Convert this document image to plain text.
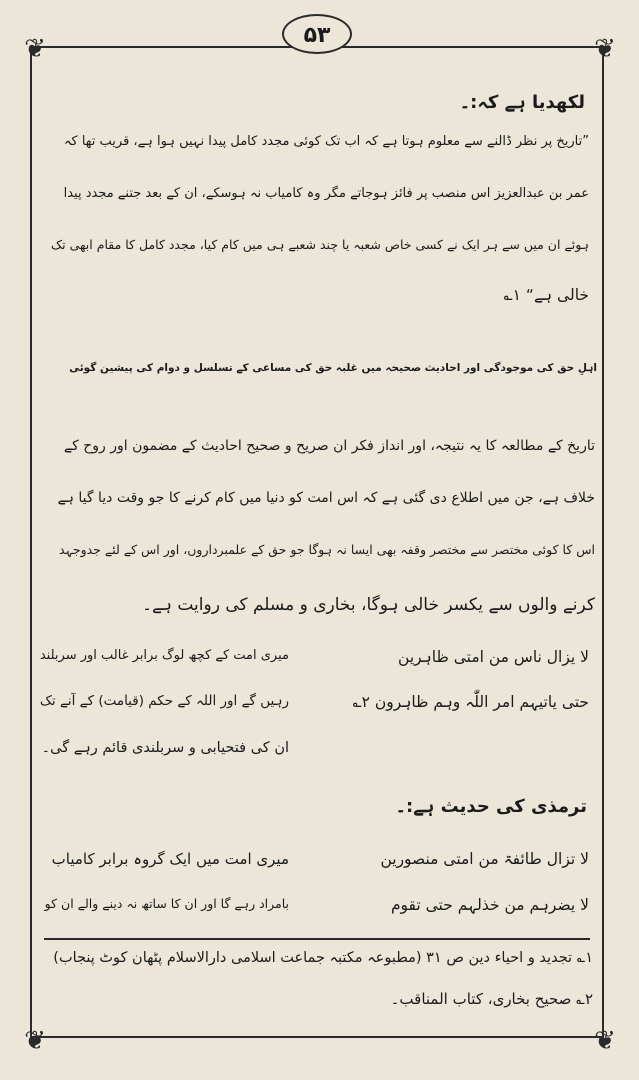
❦	❦
❦	❦
۵۳
لکھدیا ہے کہ:۔
”تاریخ پر نظر ڈالنے سے معلوم ہوتا ہے کہ اب تک کوئی مجدد کامل پیدا نہیں ہوا ہے، قریب تھا کہ
عمر بن عبدالعزیز اس منصب پر فائز ہوجاتے مگر وہ کامیاب نہ ہوسکے، ان کے بعد جتنے مجدد پیدا
ہوئے ان میں سے ہر ایک نے کسی خاص شعبہ یا چند شعبے ہی میں کام کیا، مجدد کامل کا مقام ابھی تک
خالی ہے“ ۱؎
اہلِ حق کی موجودگی اور احادیث صحیحہ میں غلبہ حق کی مساعی کے تسلسل و دوام کی پیشین گوئی
تاریخ کے مطالعہ کا یہ نتیجہ، اور انداز فکر ان صریح و صحیح احادیث کے مضمون اور روح کے
خلاف ہے، جن میں اطلاع دی گئی ہے کہ اس امت کو دنیا میں کام کرنے کا جو وقت دیا گیا ہے
اس کا کوئی مختصر سے مختصر وقفہ بھی ایسا نہ ہوگا جو حق کے علمبرداروں، اور اس کے لئے جدوجہد
کرنے والوں سے یکسر خالی ہوگا، بخاری و مسلم کی روایت ہے۔
لا یزال ناس من امتی ظاہرین
حتی یاتیہم امر اللّٰہ وہم ظاہرون ۲؎
میری امت کے کچھ لوگ برابر غالب اور سربلند
رہیں گے اور اللہ کے حکم (قیامت) کے آنے تک
ان کی فتحیابی و سربلندی قائم رہے گی۔
ترمذی کی حدیث ہے:۔
لا تزال طائفۃ من امتی منصورین
لا یضرہم من خذلہم حتی تقوم
میری امت میں ایک گروہ برابر کامیاب
بامراد رہے گا اور ان کا ساتھ نہ دینے والے ان کو
۱؎ تجدید و احیاء دین ص ۳۱ (مطبوعہ مکتبہ جماعت اسلامی دارالاسلام پٹھان کوٹ پنجاب)
۲؎ صحیح بخاری، کتاب المناقب۔
